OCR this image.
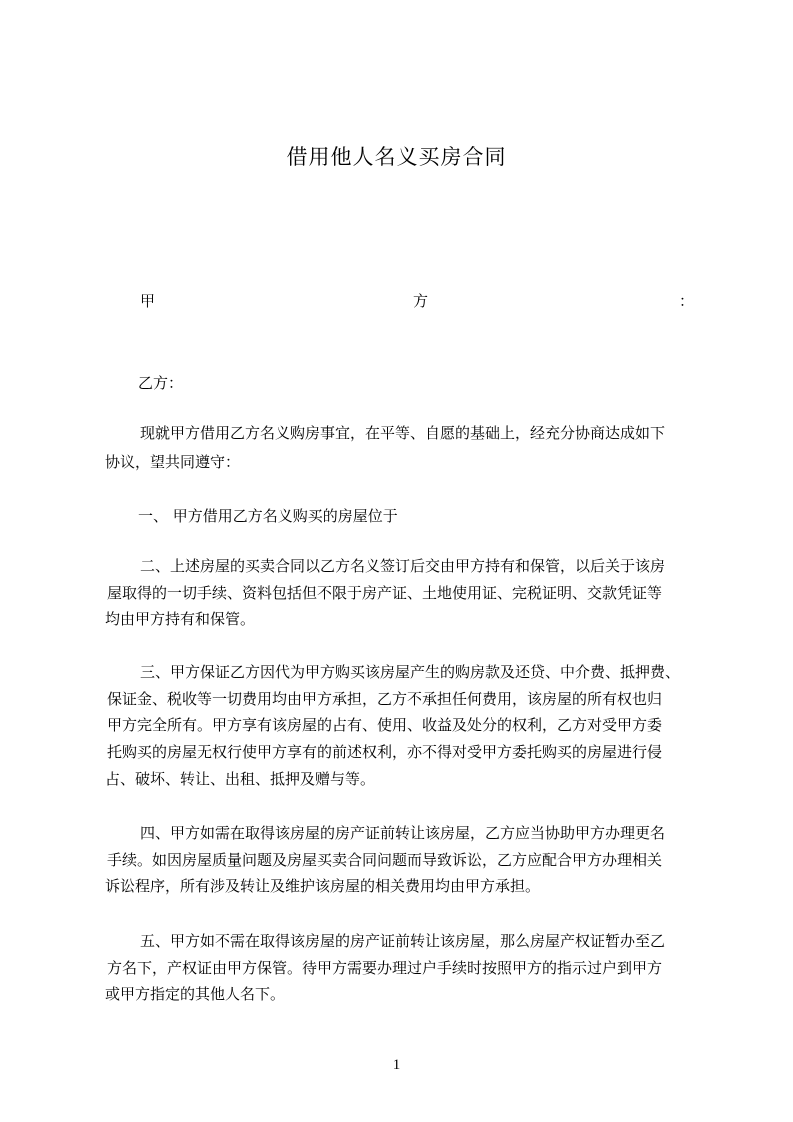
借用他人名义买房合同
甲	方	：
乙方：
现就甲方借用乙方名义购房事宜，在平等、自愿的基础上，经充分协商达成如下
协议，望共同遵守：
一、 甲方借用乙方名义购买的房屋位于
二、上述房屋的买卖合同以乙方名义签订后交由甲方持有和保管，以后关于该房
屋取得的一切手续、资料包括但不限于房产证、土地使用证、完税证明、交款凭证等
均由甲方持有和保管。
三、甲方保证乙方因代为甲方购买该房屋产生的购房款及还贷、中介费、抵押费、
保证金、税收等一切费用均由甲方承担，乙方不承担任何费用，该房屋的所有权也归
甲方完全所有。甲方享有该房屋的占有、使用、收益及处分的权利，乙方对受甲方委
托购买的房屋无权行使甲方享有的前述权利，亦不得对受甲方委托购买的房屋进行侵
占、破坏、转让、出租、抵押及赠与等。
四、甲方如需在取得该房屋的房产证前转让该房屋，乙方应当协助甲方办理更名
手续。如因房屋质量问题及房屋买卖合同问题而导致诉讼，乙方应配合甲方办理相关
诉讼程序，所有涉及转让及维护该房屋的相关费用均由甲方承担。
五、甲方如不需在取得该房屋的房产证前转让该房屋，那么房屋产权证暂办至乙
方名下，产权证由甲方保管。待甲方需要办理过户手续时按照甲方的指示过户到甲方
或甲方指定的其他人名下。
1
